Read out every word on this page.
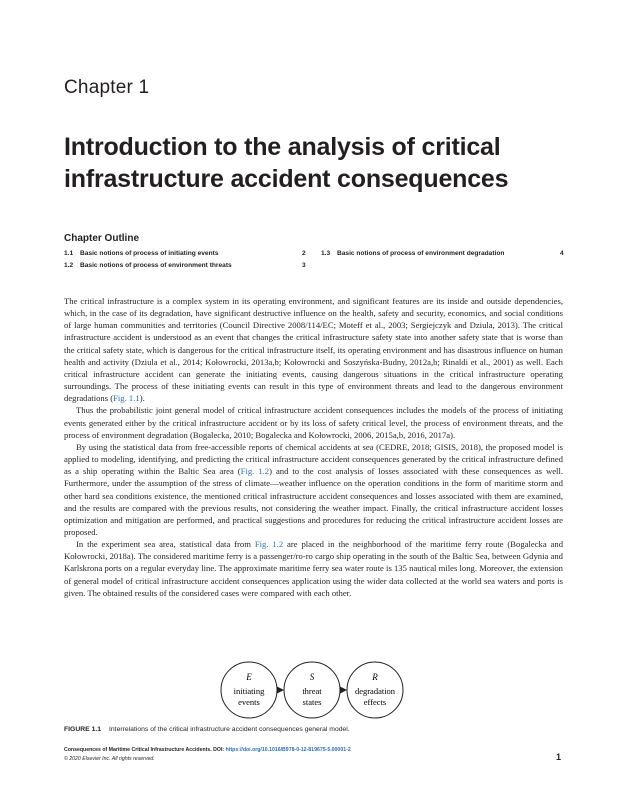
Chapter 1
Introduction to the analysis of critical infrastructure accident consequences
Chapter Outline
1.1 Basic notions of process of initiating events	2
1.2 Basic notions of process of environment threats	3
1.3 Basic notions of process of environment degradation	4

The critical infrastructure is a complex system in its operating environment, and significant features are its inside and outside dependencies, which, in the case of its degradation, have significant destructive influence on the health, safety and security, economics, and social conditions of large human communities and territories (Council Directive 2008/114/EC; Moteff et al., 2003; Sergiejczyk and Dziula, 2013). The critical infrastructure accident is understood as an event that changes the critical infrastructure safety state into another safety state that is worse than the critical safety state, which is dangerous for the critical infrastructure itself, its operating environment and has disastrous influence on human health and activity (Dziula et al., 2014; Kołowrocki, 2013a,b; Kołowrocki and Soszyńska-Budny, 2012a,b; Rinaldi et al., 2001) as well. Each critical infrastructure accident can generate the initiating events, causing dangerous situations in the critical infrastructure operating surroundings. The process of these initiating events can result in this type of environment threats and lead to the dangerous environment degradations (Fig. 1.1).

Thus the probabilistic joint general model of critical infrastructure accident consequences includes the models of the process of initiating events generated either by the critical infrastructure accident or by its loss of safety critical level, the process of environment threats, and the process of environment degradation (Bogalecka, 2010; Bogalecka and Kołowrocki, 2006, 2015a,b, 2016, 2017a).

By using the statistical data from free-accessible reports of chemical accidents at sea (CEDRE, 2018; GISIS, 2018), the proposed model is applied to modeling, identifying, and predicting the critical infrastructure accident consequences generated by the critical infrastructure defined as a ship operating within the Baltic Sea area (Fig. 1.2) and to the cost analysis of losses associated with these consequences as well. Furthermore, under the assumption of the stress of climate—weather influence on the operation conditions in the form of maritime storm and other hard sea conditions existence, the mentioned critical infrastructure accident consequences and losses associated with them are examined, and the results are compared with the previous results, not considering the weather impact. Finally, the critical infrastructure accident losses optimization and mitigation are performed, and practical suggestions and procedures for reducing the critical infrastructure accident losses are proposed.

In the experiment sea area, statistical data from Fig. 1.2 are placed in the neighborhood of the maritime ferry route (Bogalecka and Kołowrocki, 2018a). The considered maritime ferry is a passenger/ro-ro cargo ship operating in the south of the Baltic Sea, between Gdynia and Karlskrona ports on a regular everyday line. The approximate maritime ferry sea water route is 135 nautical miles long. Moreover, the extension of general model of critical infrastructure accident consequences application using the wider data collected at the world sea waters and ports is given. The obtained results of the considered cases were compared with each other.

E
initiating
events
S
threat
states
R
degradation
effects
FIGURE 1.1 Interrelations of the critical infrastructure accident consequences general model.
Consequences of Maritime Critical Infrastructure Accidents. DOI: https://doi.org/10.1016/B978-0-12-819675-5.00001-2
© 2020 Elsevier Inc. All rights reserved.	1
